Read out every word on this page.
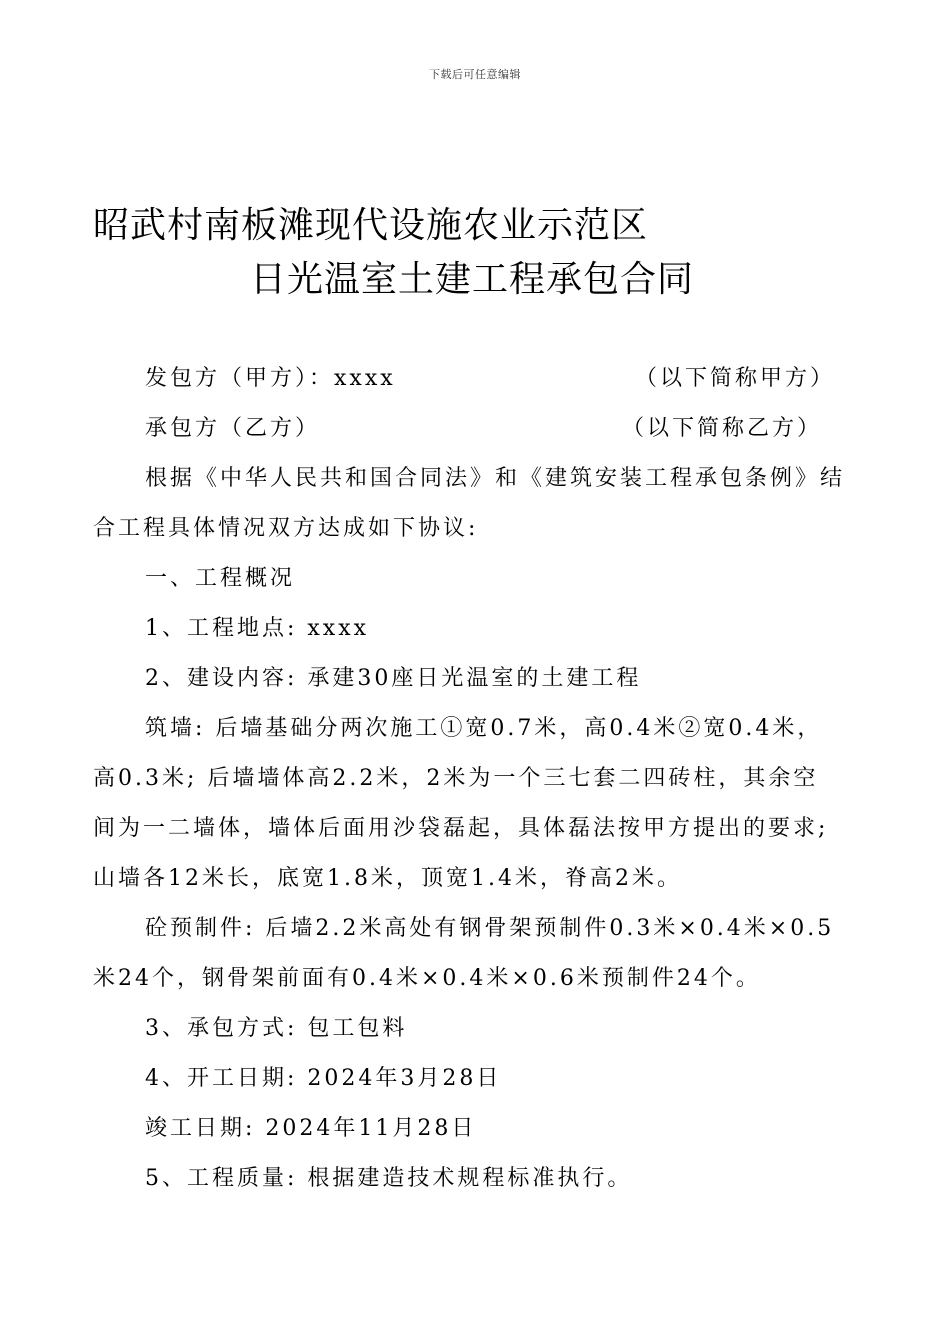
下载后可任意编辑
昭武村南板滩现代设施农业示范区
日光温室土建工程承包合同

发包方（甲方）：xxxx	（以下简称甲方）

承包方（乙方）	（以下简称乙方）

根据《中华人民共和国合同法》和《建筑安装工程承包条例》结

合工程具体情况双方达成如下协议:

一、工程概况

1、工程地点: xxxx

2、建设内容: 承建30座日光温室的土建工程

筑墙: 后墙基础分两次施工①宽0.7米，高0.4米②宽0.4米，

高0.3米; 后墙墙体高2.2米，2米为一个三七套二四砖柱，其余空

间为一二墙体，墙体后面用沙袋磊起，具体磊法按甲方提出的要求;

山墙各12米长，底宽1.8米，顶宽1.4米，脊高2米。

砼预制件: 后墙2.2米高处有钢骨架预制件0.3米×0.4米×0.5

米24个，钢骨架前面有0.4米×0.4米×0.6米预制件24个。

3、承包方式: 包工包料

4、开工日期: 2024年3月28日

竣工日期: 2024年11月28日

5、工程质量: 根据建造技术规程标准执行。
